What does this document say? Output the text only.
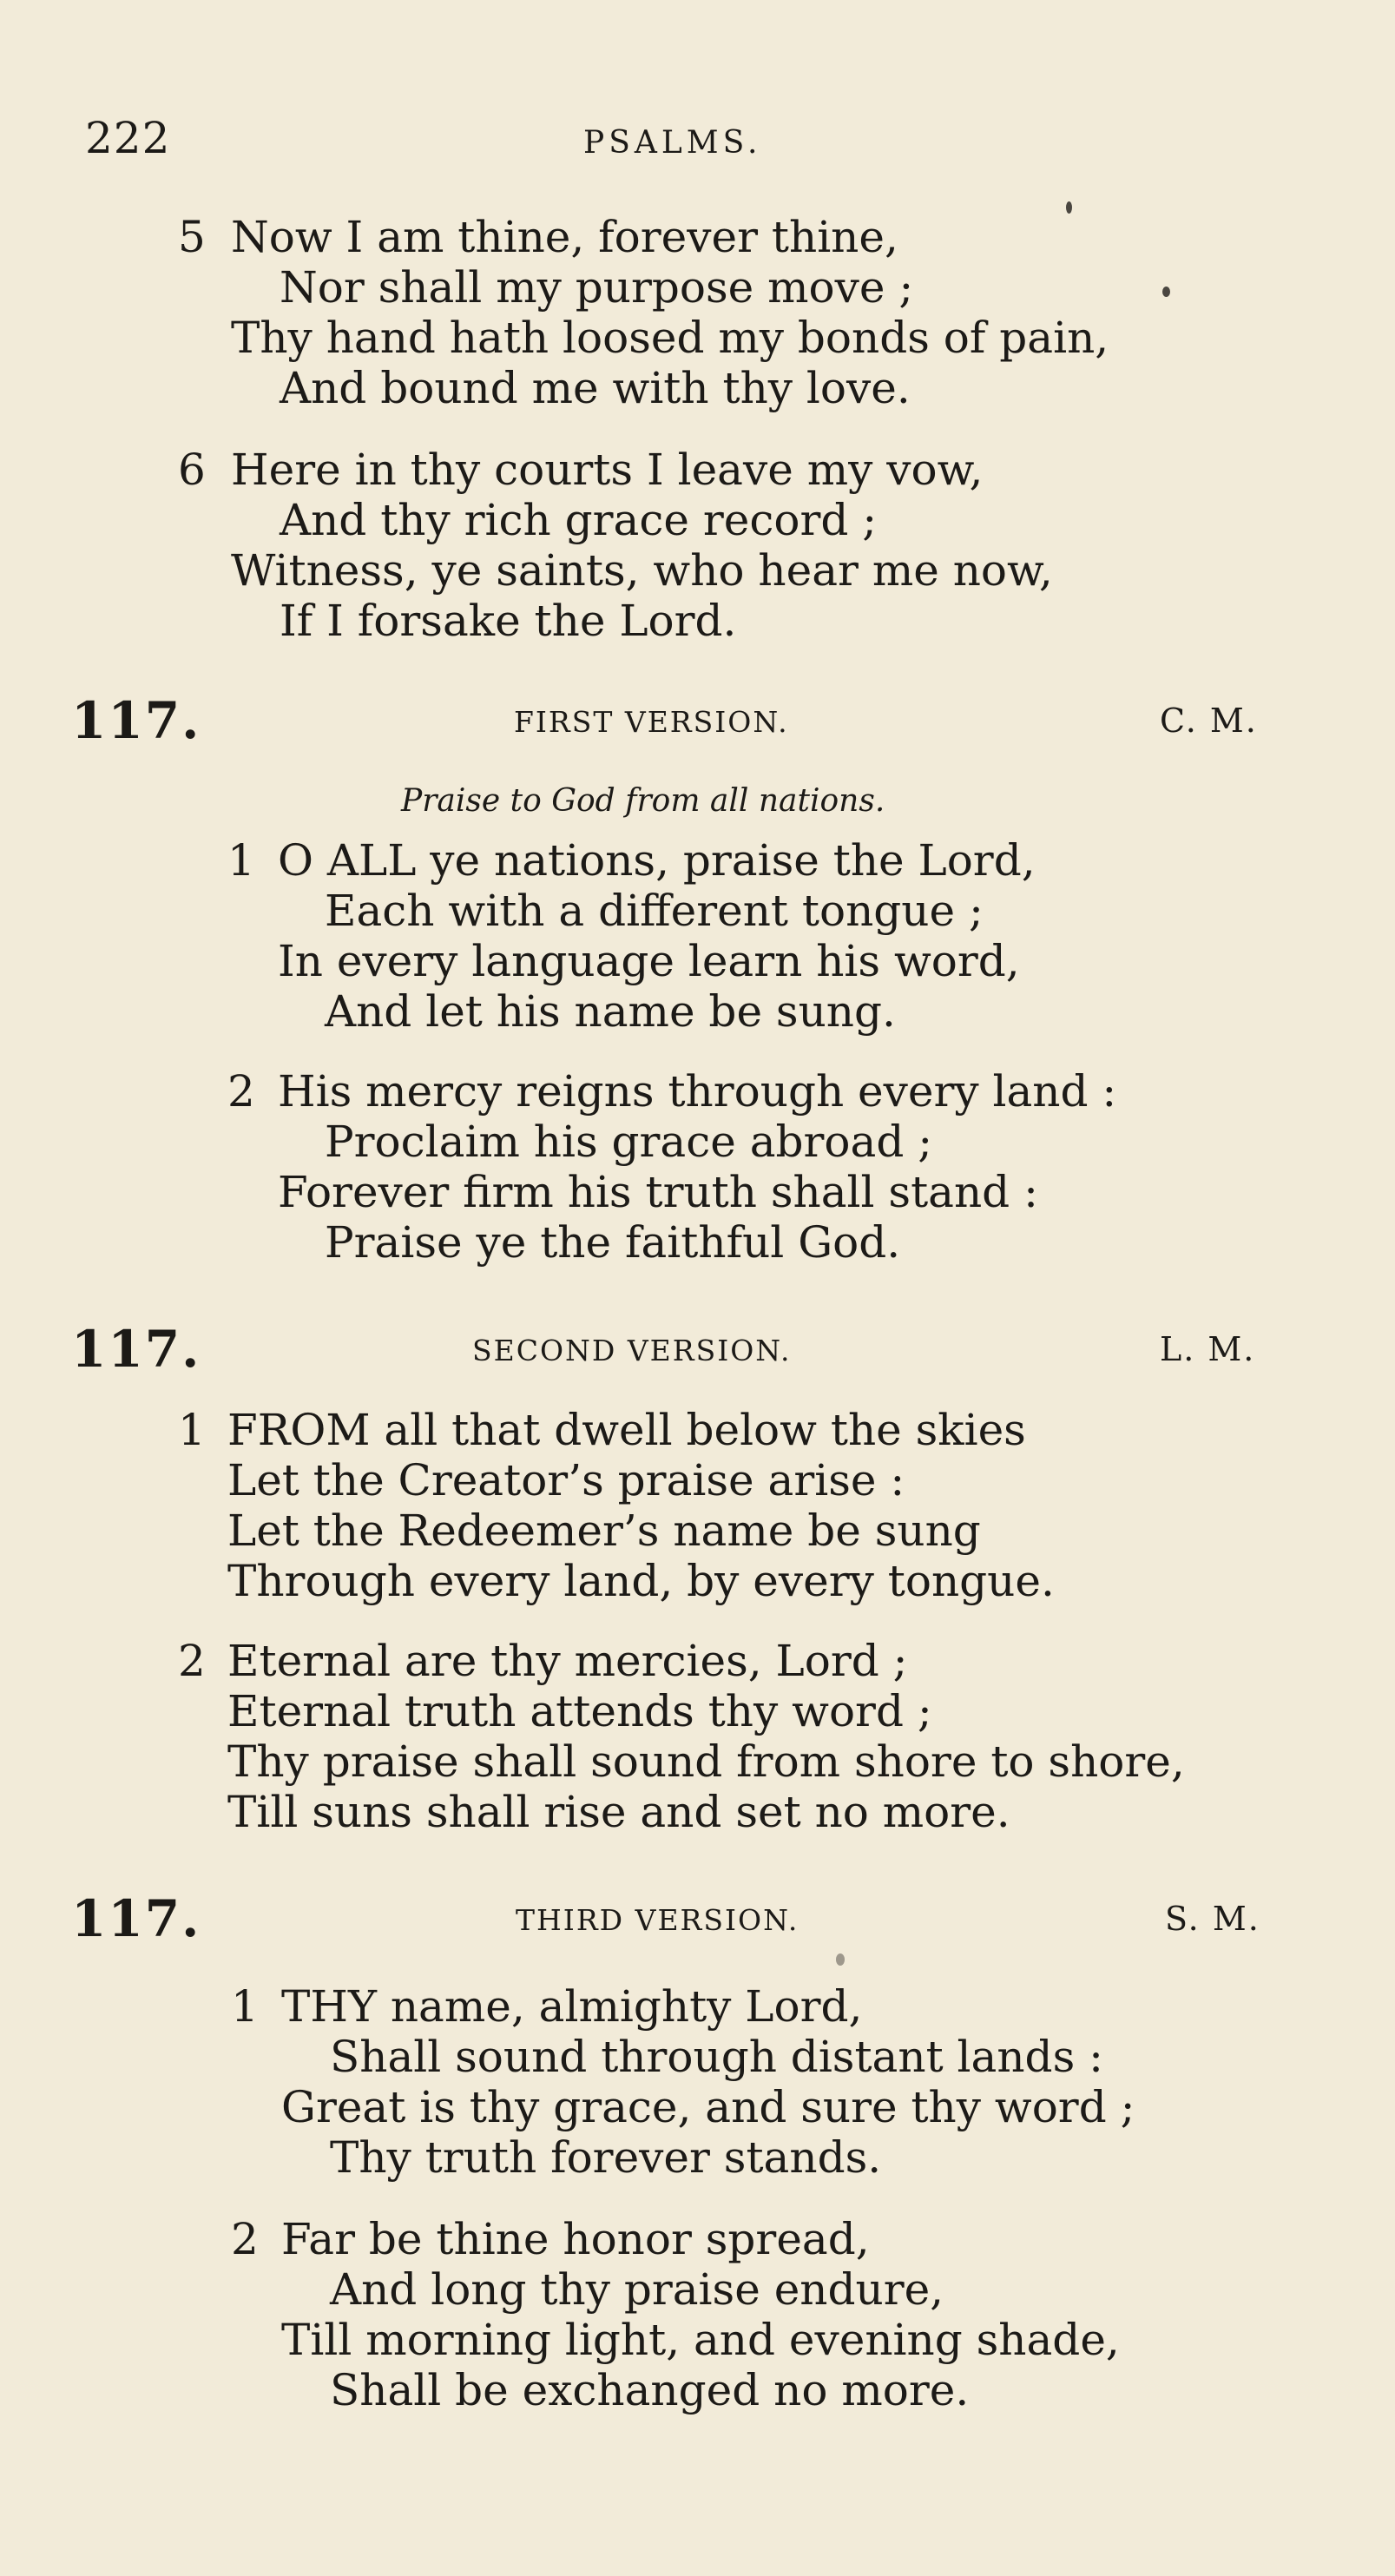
222	PSALMS.
5 Now I am thine, forever thine,
Nor shall my purpose move ;
Thy hand hath loosed my bonds of pain,
And bound me with thy love.
6 Here in thy courts I leave my vow,
And thy rich grace record ;
Witness, ye saints, who hear me now,
If I forsake the Lord.
117.	FIRST VERSION.	C. M.
Praise to God from all nations.
1 O ALL ye nations, praise the Lord,
Each with a different tongue ;
In every language learn his word,
And let his name be sung.
2 His mercy reigns through every land :
Proclaim his grace abroad ;
Forever firm his truth shall stand :
Praise ye the faithful God.
117.	SECOND VERSION.	L. M.
1 FROM all that dwell below the skies
Let the Creator’s praise arise :
Let the Redeemer’s name be sung
Through every land, by every tongue.
2 Eternal are thy mercies, Lord ;
Eternal truth attends thy word ;
Thy praise shall sound from shore to shore,
Till suns shall rise and set no more.
117.	THIRD VERSION.	S. M.
1 THY name, almighty Lord,
Shall sound through distant lands :
Great is thy grace, and sure thy word ;
Thy truth forever stands.
2 Far be thine honor spread,
And long thy praise endure,
Till morning light, and evening shade,
Shall be exchanged no more.
